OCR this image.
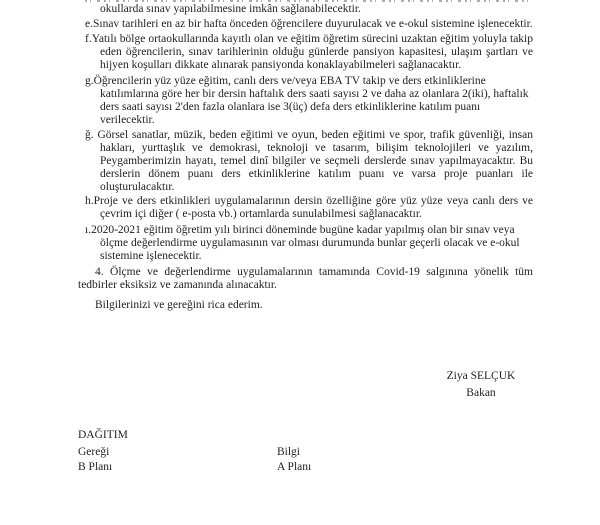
okullarda sınav yapılabilmesine imkân sağlanabilecektir.
e.Sınav tarihleri en az bir hafta önceden öğrencilere duyurulacak ve e-okul sistemine işlenecektir.
f.Yatılı bölge ortaokullarında kayıtlı olan ve eğitim öğretim sürecini uzaktan eğitim yoluyla takip eden öğrencilerin, sınav tarihlerinin olduğu günlerde pansiyon kapasitesi, ulaşım şartları ve hijyen koşulları dikkate alınarak pansiyonda konaklayabilmeleri sağlanacaktır.
g.Öğrencilerin yüz yüze eğitim, canlı ders ve/veya EBA TV takip ve ders etkinliklerine katılımlarına göre her bir dersin haftalık ders saati sayısı 2 ve daha az olanlara 2(iki), haftalık ders saati sayısı 2'den fazla olanlara ise 3(üç) defa ders etkinliklerine katılım puanı verilecektir.
ğ. Görsel sanatlar, müzik, beden eğitimi ve oyun, beden eğitimi ve spor, trafik güvenliği, insan hakları, yurttaşlık ve demokrasi, teknoloji ve tasarım, bilişim teknolojileri ve yazılım, Peygamberimizin hayatı, temel dinî bilgiler ve seçmeli derslerde sınav yapılmayacaktır. Bu derslerin dönem puanı ders etkinliklerine katılım puanı ve varsa proje puanları ile oluşturulacaktır.
h.Proje ve ders etkinlikleri uygulamalarının dersin özelliğine göre yüz yüze veya canlı ders ve çevrim içi diğer ( e-posta vb.) ortamlarda sunulabilmesi sağlanacaktır.
ı.2020-2021 eğitim öğretim yılı birinci döneminde bugüne kadar yapılmış olan bir sınav veya ölçme değerlendirme uygulamasının var olması durumunda bunlar geçerli olacak ve e-okul sistemine işlenecektir.
4. Ölçme ve değerlendirme uygulamalarının tamamında Covid-19 salgınına yönelik tüm tedbirler eksiksiz ve zamanında alınacaktır.
Bilgilerinizi ve gereğini rica ederim.
Ziya SELÇUK
Bakan
DAĞITIM
Gereği	Bilgi
B Planı	A Planı
